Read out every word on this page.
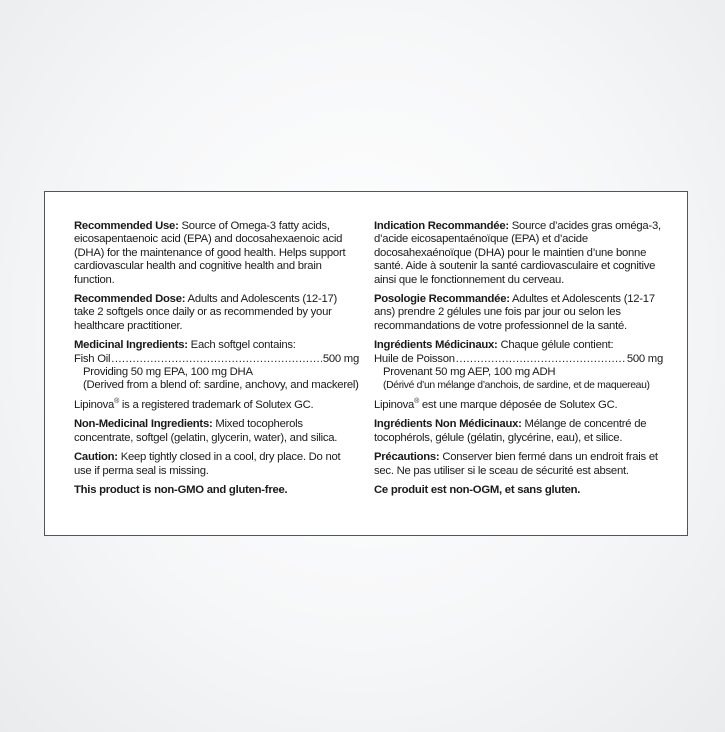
Recommended Use: Source of Omega-3 fatty acids, eicosapentaenoic acid (EPA) and docosahexaenoic acid (DHA) for the maintenance of good health. Helps support cardiovascular health and cognitive health and brain function.

Recommended Dose: Adults and Adolescents (12-17) take 2 softgels once daily or as recommended by your healthcare practitioner.

Medicinal Ingredients: Each softgel contains:
Fish Oil .....	500 mg
Providing 50 mg EPA, 100 mg DHA
(Derived from a blend of: sardine, anchovy, and mackerel)

Lipinova® is a registered trademark of Solutex GC.

Non-Medicinal Ingredients: Mixed tocopherols concentrate, softgel (gelatin, glycerin, water), and silica.

Caution: Keep tightly closed in a cool, dry place. Do not use if perma seal is missing.

This product is non-GMO and gluten-free.

Indication Recommandée: Source d’acides gras oméga-3, d’acide eicosapentaénoïque (EPA) et d’acide docosahexaénoïque (DHA) pour le maintien d’une bonne santé. Aide à soutenir la santé cardiovasculaire et cognitive ainsi que le fonctionnement du cerveau.

Posologie Recommandée: Adultes et Adolescents (12-17 ans) prendre 2 gélules une fois par jour ou selon les recommandations de votre professionnel de la santé.

Ingrédients Médicinaux: Chaque gélule contient:
Huile de Poisson .....	500 mg
Provenant 50 mg AEP, 100 mg ADH
(Dérivé d’un mélange d’anchois, de sardine, et de maquereau)

Lipinova® est une marque déposée de Solutex GC.

Ingrédients Non Médicinaux: Mélange de concentré de tocophérols, gélule (gélatin, glycérine, eau), et silice.

Précautions: Conserver bien fermé dans un endroit frais et sec. Ne pas utiliser si le sceau de sécurité est absent.

Ce produit est non-OGM, et sans gluten.
